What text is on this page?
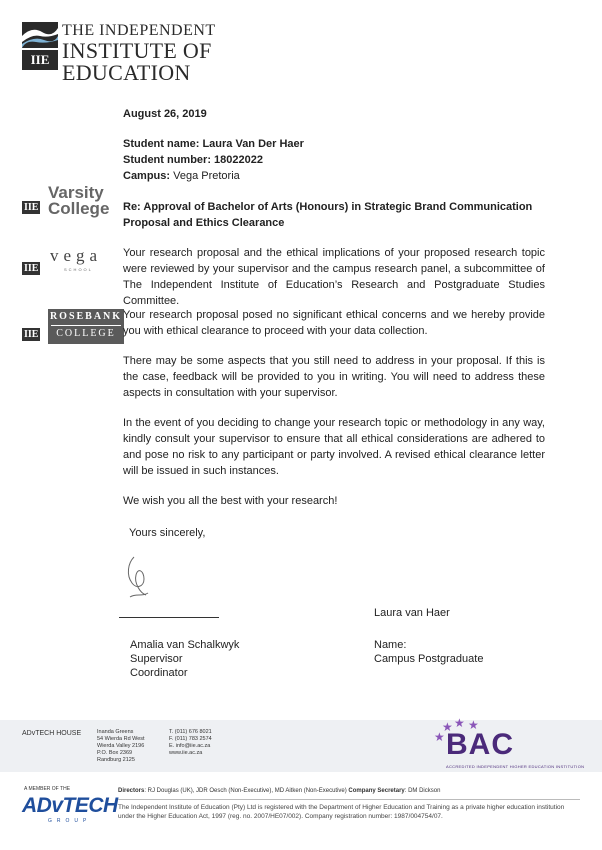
IIE
THE INDEPENDENT
INSTITUTE OF
EDUCATION
IIE
Varsity
College
IIE
vega
SCHOOL
IIE
ROSEBANK
COLLEGE
August 26, 2019
Student name: Laura Van Der Haer
Student number: 18022022
Campus: Vega Pretoria
Re: Approval of Bachelor of Arts (Honours) in Strategic Brand Communication Proposal and Ethics Clearance
Your research proposal and the ethical implications of your proposed research topic were reviewed by your supervisor and the campus research panel, a subcommittee of The Independent Institute of Education’s Research and Postgraduate Studies Committee.
Your research proposal posed no significant ethical concerns and we hereby provide you with ethical clearance to proceed with your data collection.
There may be some aspects that you still need to address in your proposal. If this is the case, feedback will be provided to you in writing. You will need to address these aspects in consultation with your supervisor.
In the event of you deciding to change your research topic or methodology in any way, kindly consult your supervisor to ensure that all ethical considerations are adhered to and pose no risk to any participant or party involved. A revised ethical clearance letter will be issued in such instances.
We wish you all the best with your research!
Yours sincerely,
Laura van Haer
Amalia van Schalkwyk
Supervisor
Coordinator
Name:
Campus Postgraduate
ADvTECH HOUSE	Inanda Greens
54 Wierda Rd West
Wierda Valley 2196
P.O. Box 2369
Randburg 2125
T. (011) 676 8021
F. (011) 783 2574
E. info@iie.ac.za
www.iie.ac.za
★
★ ★ ★
BAC
ACCREDITED INDEPENDENT HIGHER EDUCATION INSTITUTION
A MEMBER OF THE
ADvTECH
GROUP
Directors: RJ Douglas (UK), JDR Oesch (Non-Executive), MD Aitken (Non-Executive) Company Secretary: DM Dickson
The Independent Institute of Education (Pty) Ltd is registered with the Department of Higher Education and Training as a private higher education institution under the Higher Education Act, 1997 (reg. no. 2007/HE07/002). Company registration number: 1987/004754/07.
